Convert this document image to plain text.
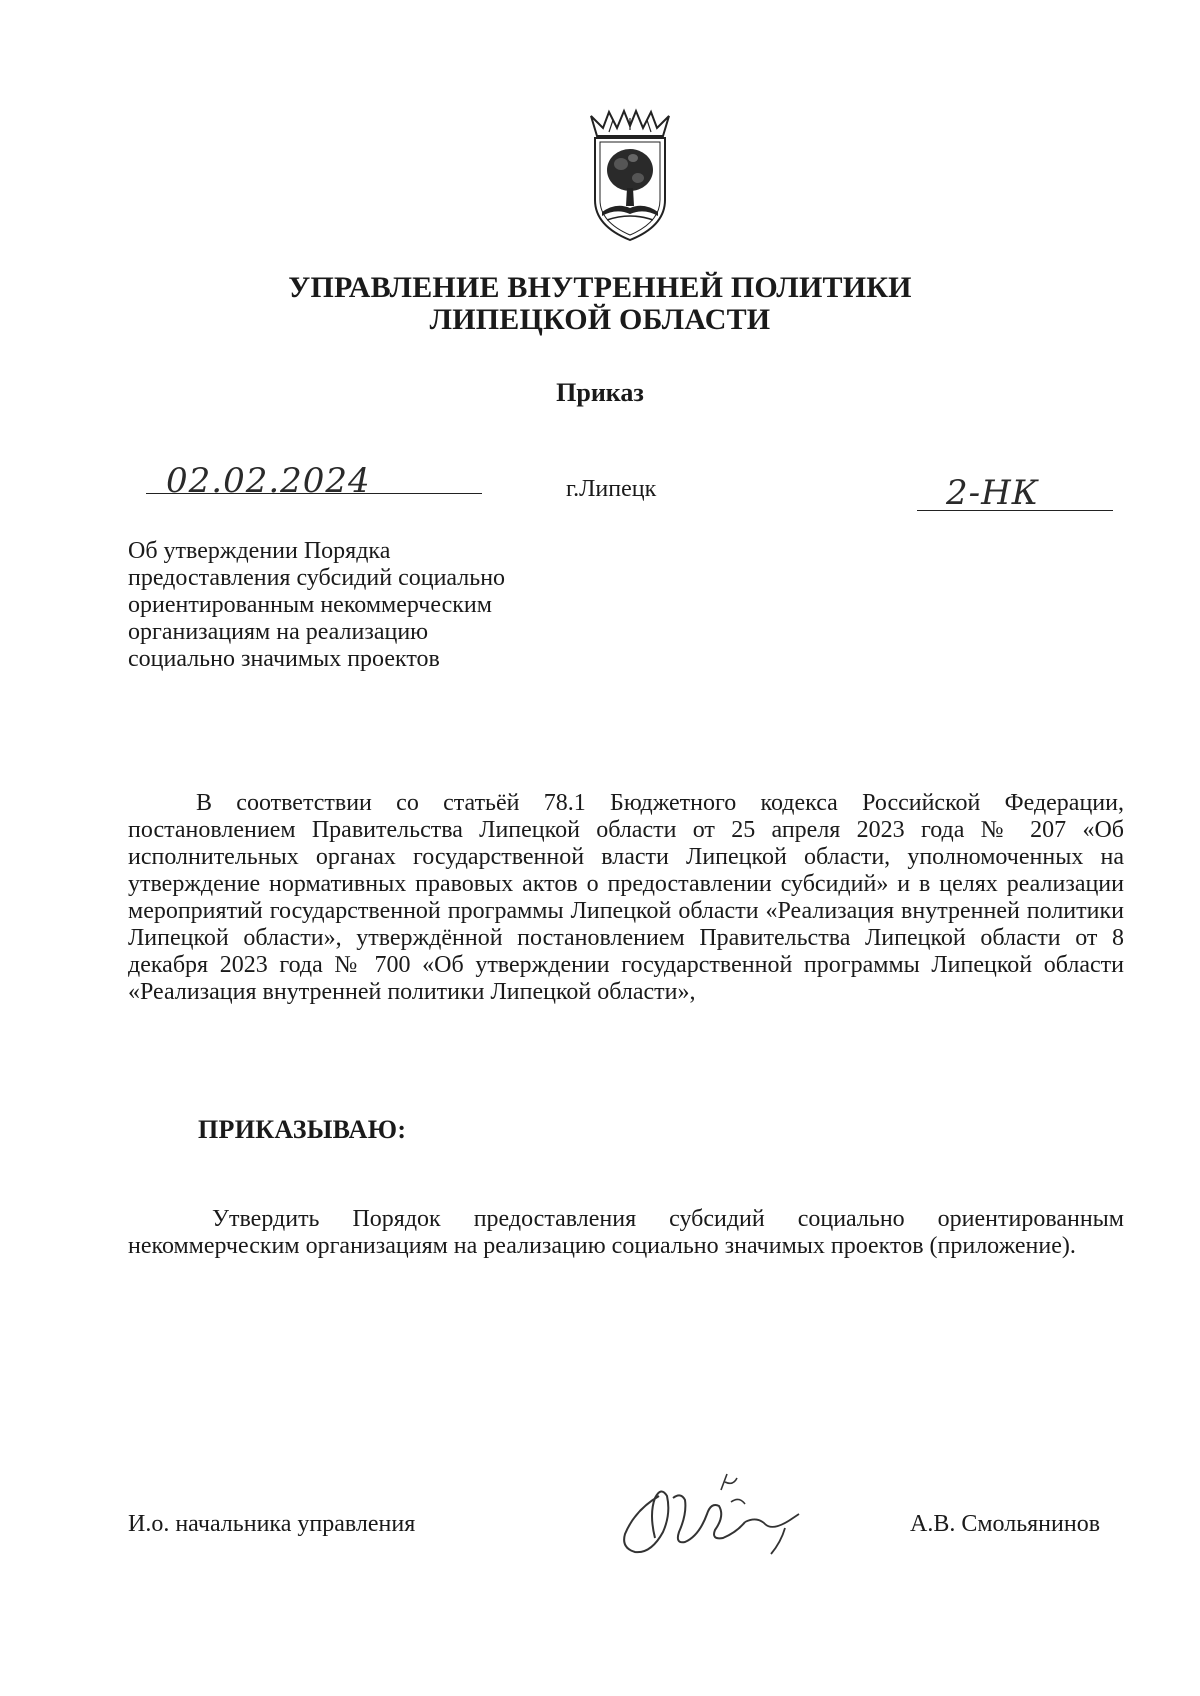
УПРАВЛЕНИЕ ВНУТРЕННЕЙ ПОЛИТИКИ
ЛИПЕЦКОЙ ОБЛАСТИ
Приказ
02.02.2024	г.Липецк	2-НК
Об утверждении Порядка
предоставления субсидий социально
ориентированным некоммерческим
организациям на реализацию
социально значимых проектов
В соответствии со статьёй 78.1 Бюджетного кодекса Российской Федерации, постановлением Правительства Липецкой области от 25 апреля 2023 года № 207 «Об исполнительных органах государственной власти Липецкой области, уполномоченных на утверждение нормативных правовых актов о предоставлении субсидий» и в целях реализации мероприятий государственной программы Липецкой области «Реализация внутренней политики Липецкой области», утверждённой постановлением Правительства Липецкой области от 8 декабря 2023 года № 700 «Об утверждении государственной программы Липецкой области «Реализация внутренней политики Липецкой области»,
ПРИКАЗЫВАЮ:
Утвердить Порядок предоставления субсидий социально ориентированным некоммерческим организациям на реализацию социально значимых проектов (приложение).
И.о. начальника управления	А.В. Смольянинов
